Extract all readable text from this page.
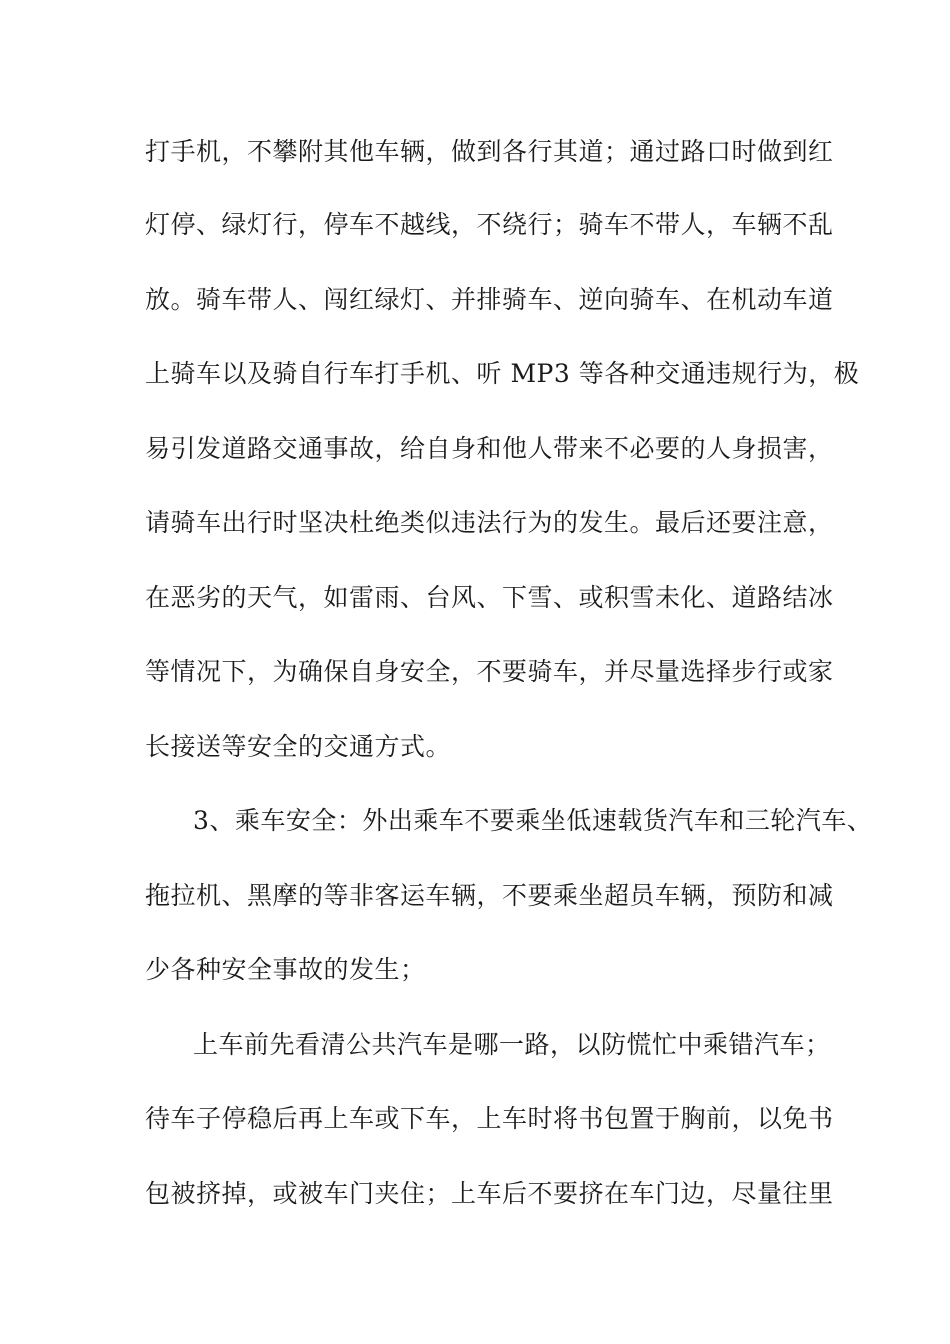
打手机，不攀附其他车辆，做到各行其道；通过路口时做到红
灯停、绿灯行，停车不越线，不绕行；骑车不带人，车辆不乱
放。骑车带人、闯红绿灯、并排骑车、逆向骑车、在机动车道
上骑车以及骑自行车打手机、听 MP3 等各种交通违规行为，极
易引发道路交通事故，给自身和他人带来不必要的人身损害，
请骑车出行时坚决杜绝类似违法行为的发生。最后还要注意，
在恶劣的天气，如雷雨、台风、下雪、或积雪未化、道路结冰
等情况下，为确保自身安全，不要骑车，并尽量选择步行或家
长接送等安全的交通方式。
3、乘车安全：外出乘车不要乘坐低速载货汽车和三轮汽车、
拖拉机、黑摩的等非客运车辆，不要乘坐超员车辆，预防和减
少各种安全事故的发生；
上车前先看清公共汽车是哪一路，以防慌忙中乘错汽车；
待车子停稳后再上车或下车，上车时将书包置于胸前，以免书
包被挤掉，或被车门夹住；上车后不要挤在车门边，尽量往里
